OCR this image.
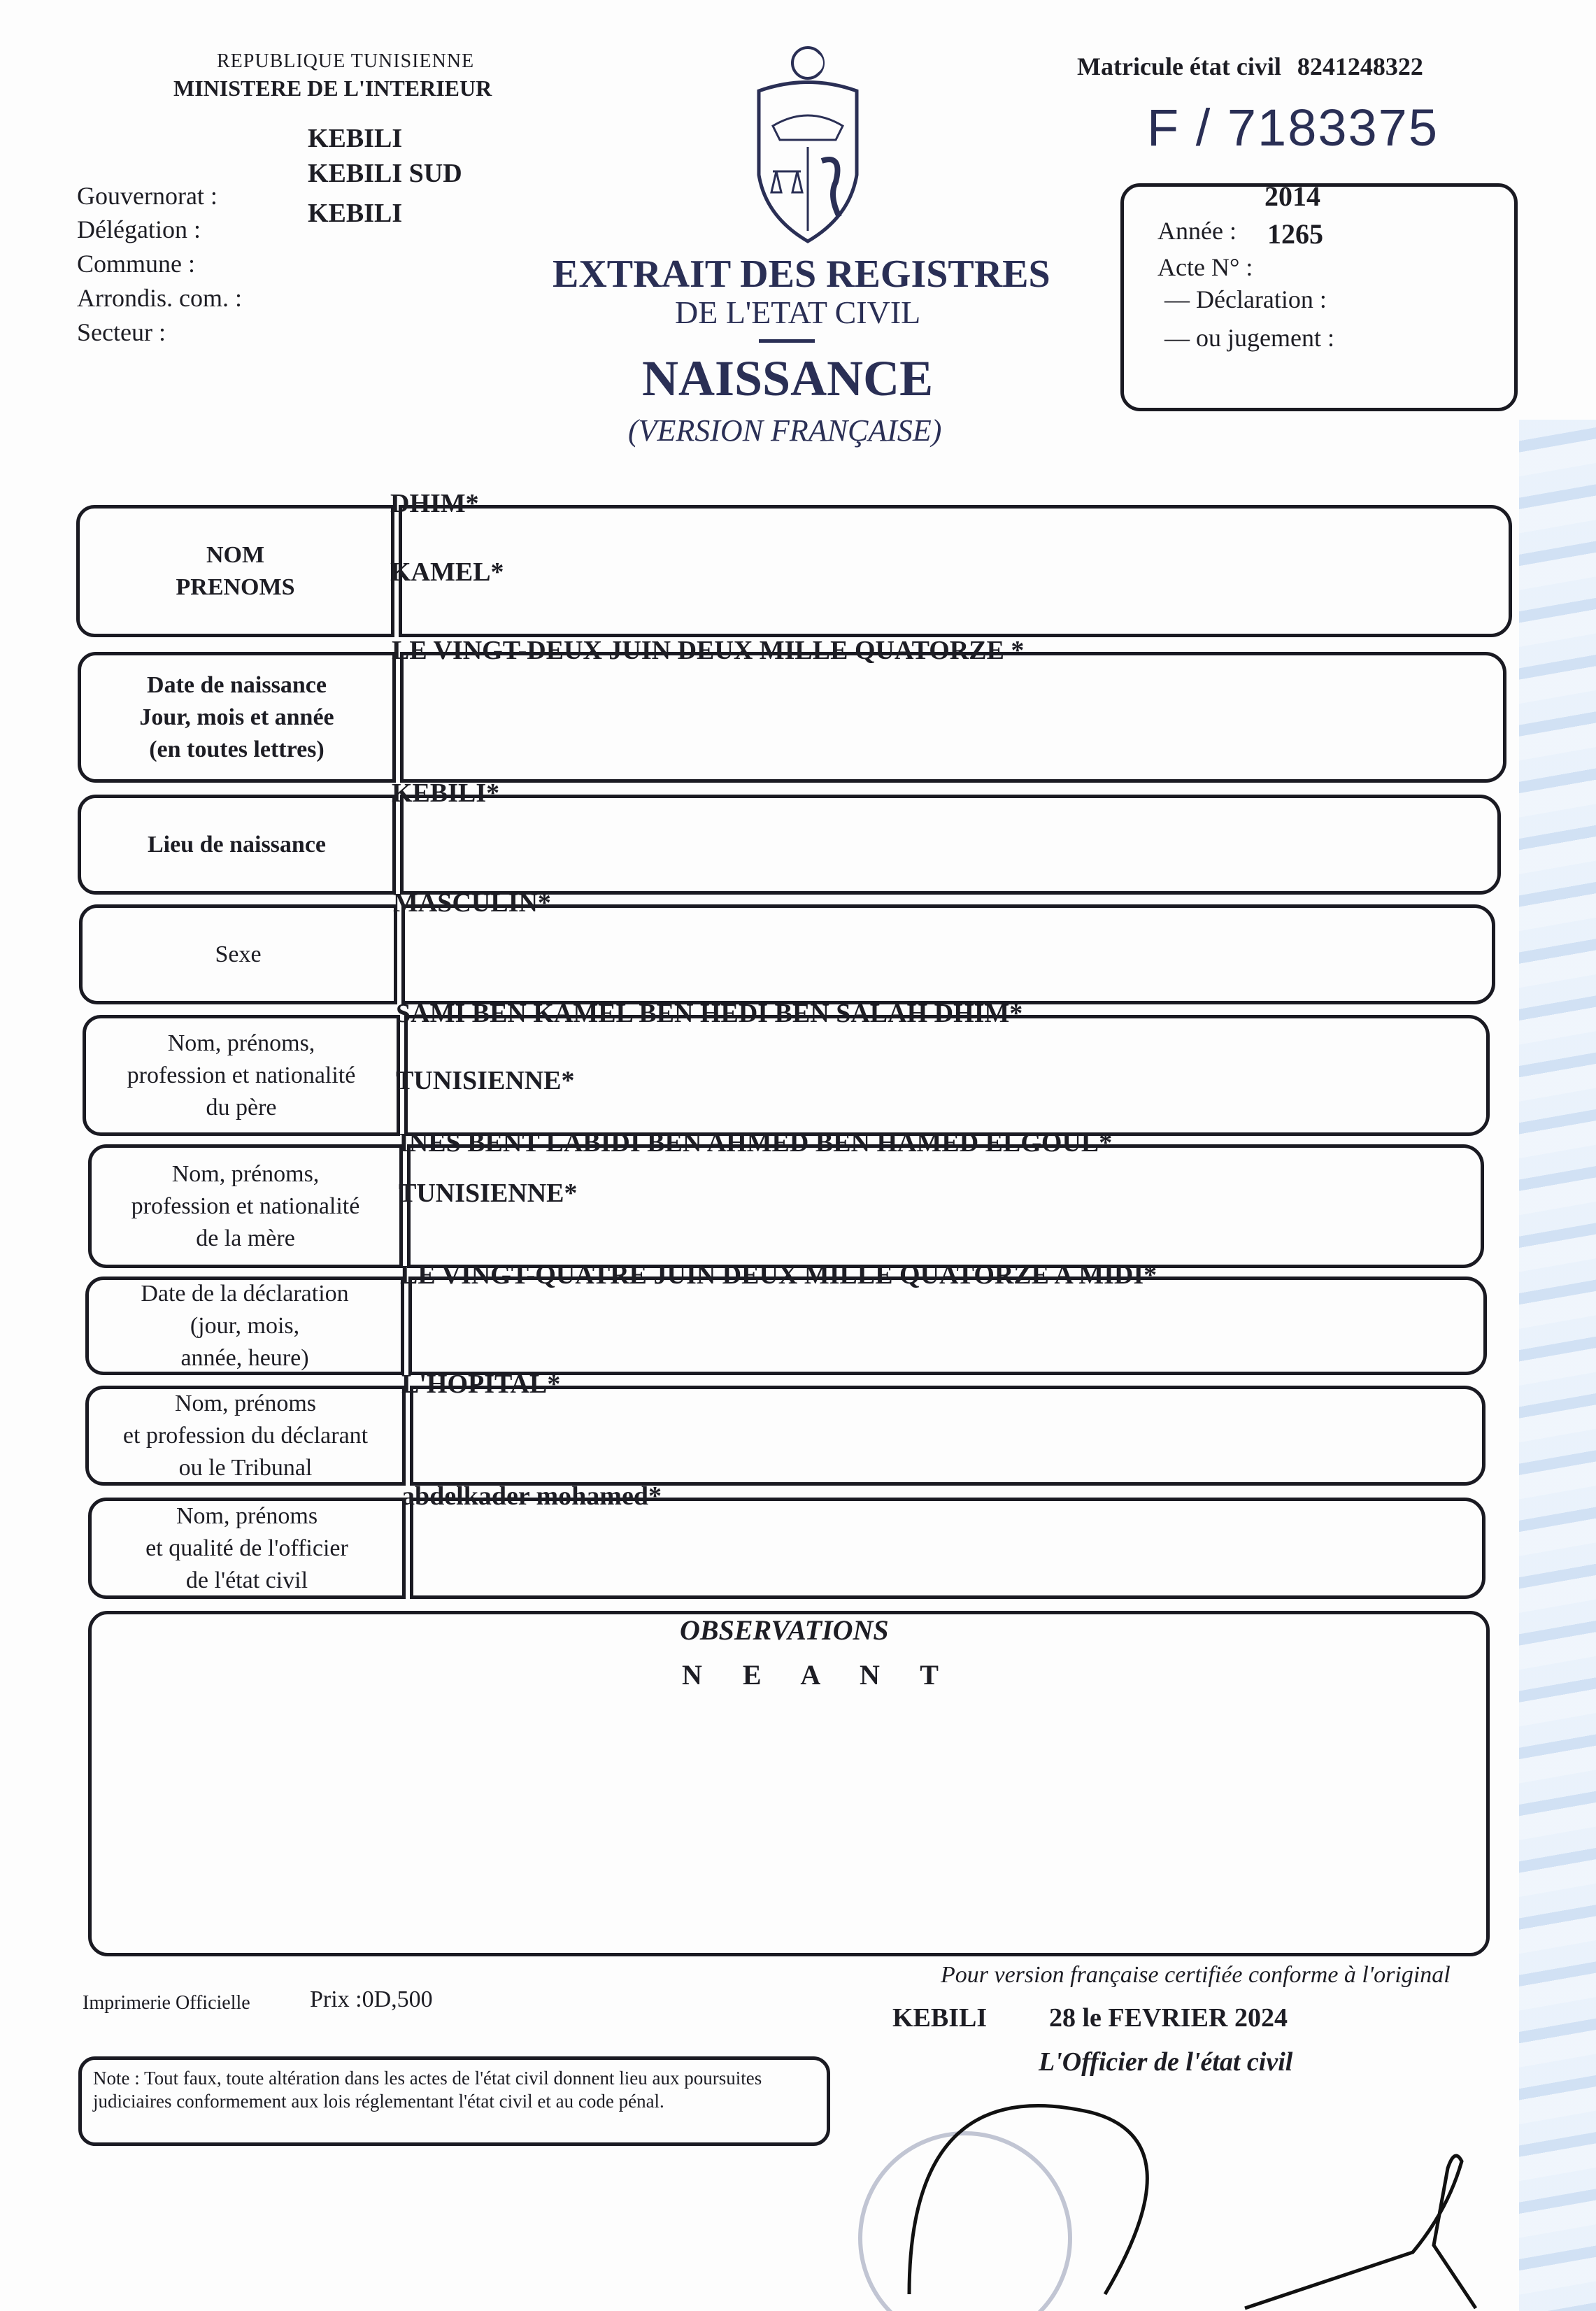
REPUBLIQUE TUNISIENNE
MINISTERE DE L'INTERIEUR
KEBILI
KEBILI SUD
KEBILI
Gouvernorat :
Délégation :
Commune :
Arrondis. com. :
Secteur :
EXTRAIT DES REGISTRES
DE L'ETAT CIVIL
NAISSANCE
(VERSION FRANÇAISE)
Matricule état civil 8241248322
F / 7183375
2014
Année : 1265
Acte N° :
— Déclaration :
— ou jugement :
NOM
PRENOMS
DHIM*
KAMEL*
Date de naissance
Jour, mois et année
(en toutes lettres)
LE VINGT-DEUX JUIN DEUX MILLE QUATORZE *
Lieu de naissance
KEBILI*
Sexe
MASCULIN*
Nom, prénoms,
profession et nationalité
du père
SAMI BEN KAMEL BEN HEDI BEN SALAH DHIM*
TUNISIENNE*
Nom, prénoms,
profession et nationalité
de la mère
INES BENT LABIDI BEN AHMED BEN HAMED ELGOUL*
TUNISIENNE*
Date de la déclaration
(jour, mois,
année, heure)
LE VINGT-QUATRE JUIN DEUX MILLE QUATORZE A MIDI*
Nom, prénoms
et profession du déclarant
ou le Tribunal
L'HOPITAL*
Nom, prénoms
et qualité de l'officier
de l'état civil
abdelkader mohamed*
OBSERVATIONS
N E A N T
Imprimerie Officielle	Prix :0D,500
Pour version française certifiée conforme à l'original
KEBILI 28 le FEVRIER 2024
L'Officier de l'état civil
Note : Tout faux, toute altération dans les actes de l'état civil donnent lieu aux poursuites judiciaires conformement aux lois réglementant l'état civil et au code pénal.
